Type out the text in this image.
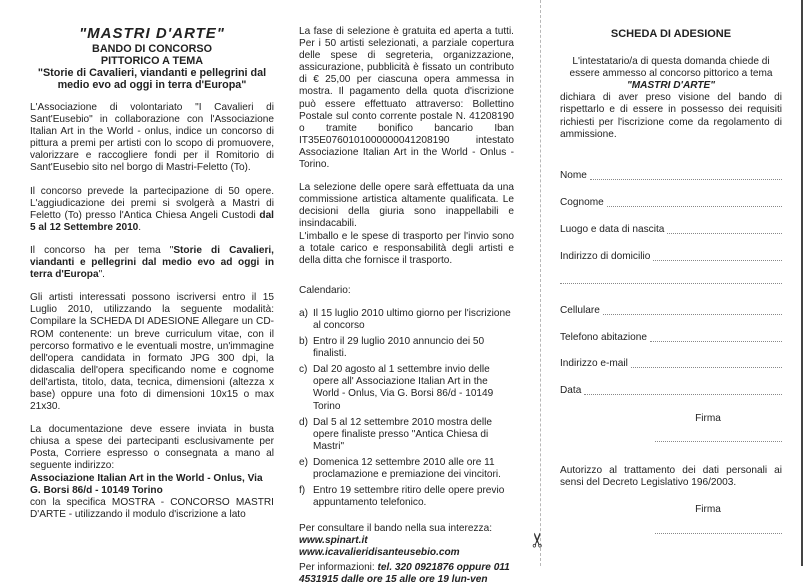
✂

"MASTRI D'ARTE"

BANDO DI CONCORSO

PITTORICO A TEMA

"Storie di Cavalieri, viandanti e pellegrini dal medio evo ad oggi in terra d'Europa"

L'Associazione di volontariato "I Cavalieri di Sant'Eusebio" in collaborazione con l'Associazione Italian Art in the World - onlus, indice un concorso di pittura a premi per artisti con lo scopo di promuovere, valorizzare e raccogliere fondi per il Romitorio di Sant'Eusebio sito nel borgo di Mastri-Feletto (To).

Il concorso prevede la partecipazione di 50 opere. L'aggiudicazione dei premi si svolgerà a Mastri di Feletto (To) presso l'Antica Chiesa Angeli Custodi dal 5 al 12 Settembre 2010.

Il concorso ha per tema "Storie di Cavalieri, viandanti e pellegrini dal medio evo ad oggi in terra d'Europa".

Gli artisti interessati possono iscriversi entro il 15 Luglio 2010, utilizzando la seguente modalità: Compilare la SCHEDA DI ADESIONE Allegare un CD-ROM contenente: un breve curriculum vitae, con il percorso formativo e le eventuali mostre, un'immagine dell'opera candidata in formato JPG 300 dpi, la didascalia dell'opera specificando nome e cognome dell'artista, titolo, data, tecnica, dimensioni (altezza x base) oppure una foto di dimensioni 10x15 o max 21x30.

La documentazione deve essere inviata in busta chiusa a spese dei partecipanti esclusivamente per Posta, Corriere espresso o consegnata a mano al seguente indirizzo:

Associazione Italian Art in the World - Onlus, Via G. Borsi 86/d - 10149 Torino

con la specifica MOSTRA - CONCORSO MASTRI D'ARTE - utilizzando il modulo d'iscrizione a lato

La fase di selezione è gratuita ed aperta a tutti. Per i 50 artisti selezionati, a parziale copertura delle spese di segreteria, organizzazione, assicurazione, pubblicità è fissato un contributo di € 25,00 per ciascuna opera ammessa in mostra. Il pagamento della quota d'iscrizione può essere effettuato attraverso: Bollettino Postale sul conto corrente postale N. 41208190 o tramite bonifico bancario Iban IT35E0760101000000041208190 intestato Associazione Italian Art in the World - Onlus - Torino.

La selezione delle opere sarà effettuata da una commissione artistica altamente qualificata. Le decisioni della giuria sono inappellabili e insindacabili.

L'imballo e le spese di trasporto per l'invio sono a totale carico e responsabilità degli artisti e della ditta che fornisce il trasporto.

Calendario:

a) Il 15 luglio 2010 ultimo giorno per l'iscrizione al concorso
b) Entro il 29 luglio 2010 annuncio dei 50 finalisti.
c) Dal 20 agosto al 1 settembre invio delle opere all' Associazione Italian Art in the World - Onlus, Via G. Borsi 86/d - 10149 Torino
d) Dal 5 al 12 settembre 2010 mostra delle opere finaliste presso "Antica Chiesa di Mastri"
e) Domenica 12 settembre 2010 alle ore 11 proclamazione e premiazione dei vincitori.
f) Entro 19 settembre ritiro delle opere previo appuntamento telefonico.

Per consultare il bando nella sua interezza:

www.spinart.it

www.icavalieridisanteusebio.com

Per informazioni: tel. 320 0921876 oppure 011 4531915 dalle ore 15 alle ore 19 lun-ven

SCHEDA DI ADESIONE

L'intestatario/a di questa domanda chiede di essere ammesso al concorso pittorico a tema

"MASTRI D'ARTE"

dichiara di aver preso visione del bando di rispettarlo e di essere in possesso dei requisiti richiesti per l'iscrizione come da regolamento di ammissione.

Nome
Cognome
Luogo e data di nascita
Indirizzo di domicilio
Cellulare
Telefono abitazione
Indirizzo e-mail
Data

Firma

Autorizzo al trattamento dei dati personali ai sensi del Decreto Legislativo 196/2003.

Firma
